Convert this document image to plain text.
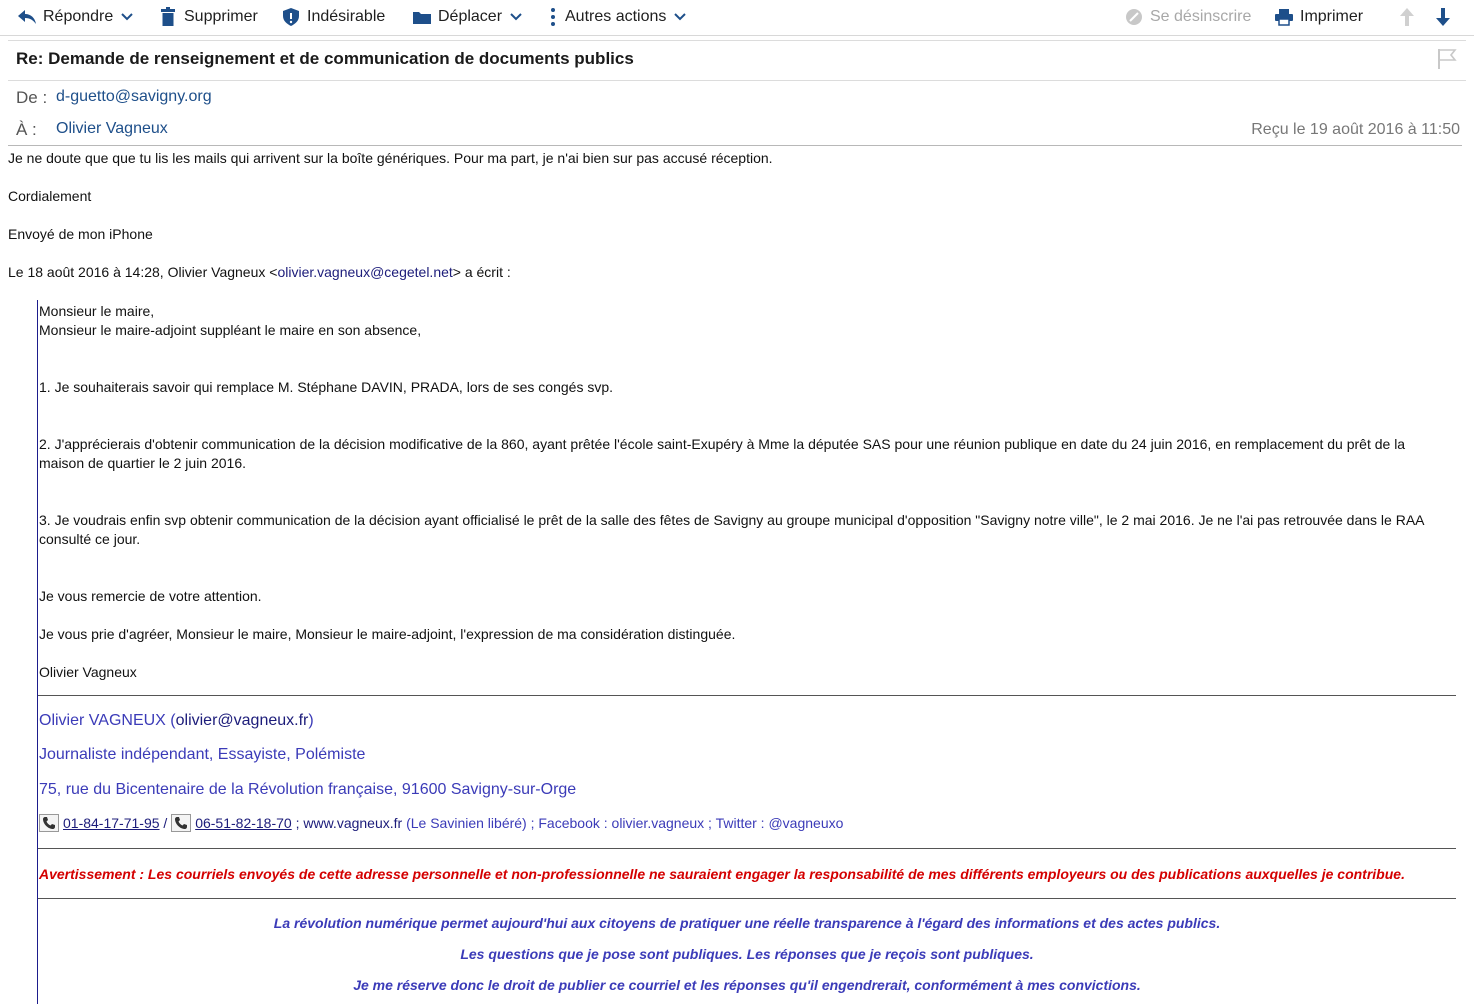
Répondre	Supprimer	Indésirable	Déplacer	Autres actions	Se désinscrire	Imprimer
Re: Demande de renseignement et de communication de documents publics
De : d-guetto@savigny.org
À : Olivier Vagneux	Reçu le 19 août 2016 à 11:50
Je ne doute que que tu lis les mails qui arrivent sur la boîte génériques. Pour ma part, je n'ai bien sur pas accusé réception.
Cordialement
Envoyé de mon iPhone
Le 18 août 2016 à 14:28, Olivier Vagneux <olivier.vagneux@cegetel.net> a écrit :
Monsieur le maire,
Monsieur le maire-adjoint suppléant le maire en son absence,
1. Je souhaiterais savoir qui remplace M. Stéphane DAVIN, PRADA, lors de ses congés svp.
2. J'apprécierais d'obtenir communication de la décision modificative de la 860, ayant prêtée l'école saint-Exupéry à Mme la députée SAS pour une réunion publique en date du 24 juin 2016, en remplacement du prêt de la maison de quartier le 2 juin 2016.
3. Je voudrais enfin svp obtenir communication de la décision ayant officialisé le prêt de la salle des fêtes de Savigny au groupe municipal d'opposition "Savigny notre ville", le 2 mai 2016. Je ne l'ai pas retrouvée dans le RAA consulté ce jour.
Je vous remercie de votre attention.
Je vous prie d'agréer, Monsieur le maire, Monsieur le maire-adjoint, l'expression de ma considération distinguée.
Olivier Vagneux
Olivier VAGNEUX (olivier@vagneux.fr)
Journaliste indépendant, Essayiste, Polémiste
75, rue du Bicentenaire de la Révolution française, 91600 Savigny-sur-Orge
01-84-17-71-95 / 06-51-82-18-70 ; www.vagneux.fr (Le Savinien libéré) ; Facebook : olivier.vagneux ; Twitter : @vagneuxo
Avertissement : Les courriels envoyés de cette adresse personnelle et non-professionnelle ne sauraient engager la responsabilité de mes différents employeurs ou des publications auxquelles je contribue.
La révolution numérique permet aujourd'hui aux citoyens de pratiquer une réelle transparence à l'égard des informations et des actes publics.
Les questions que je pose sont publiques. Les réponses que je reçois sont publiques.
Je me réserve donc le droit de publier ce courriel et les réponses qu'il engendrerait, conformément à mes convictions.
